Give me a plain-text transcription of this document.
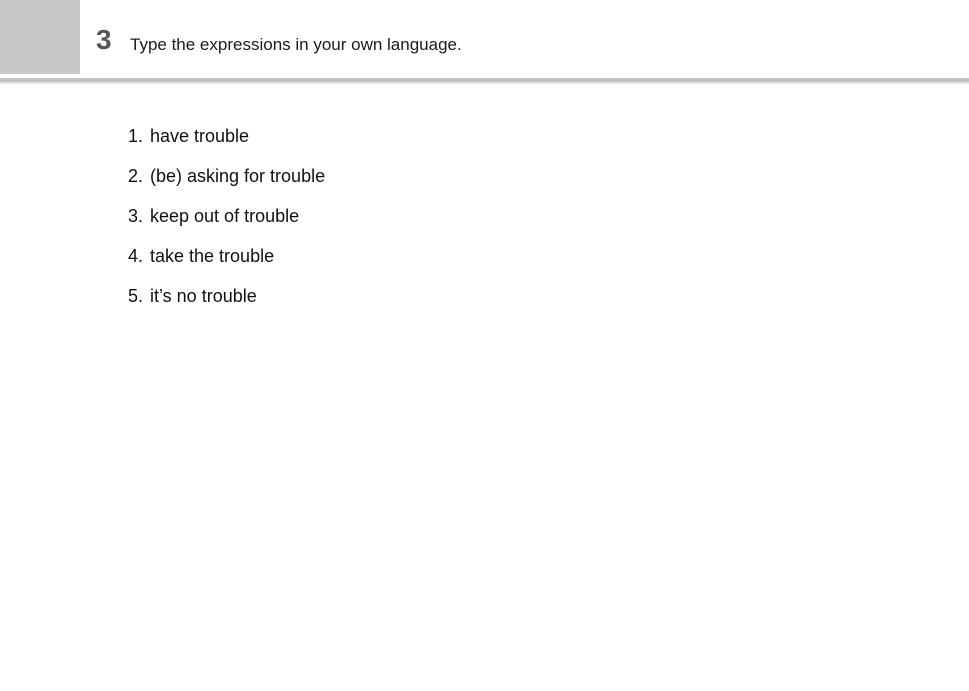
3 Type the expressions in your own language.
1. have trouble
2. (be) asking for trouble
3. keep out of trouble
4. take the trouble
5. it’s no trouble
